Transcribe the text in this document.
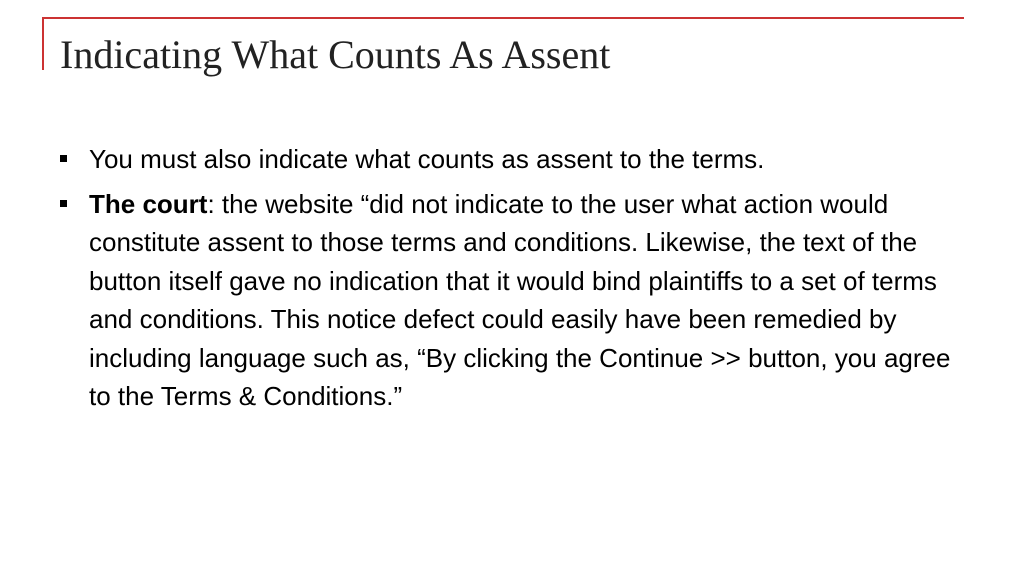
Indicating What Counts As Assent
You must also indicate what counts as assent to the terms.
The court: the website “did not indicate to the user what action would constitute assent to those terms and conditions. Likewise, the text of the button itself gave no indication that it would bind plaintiffs to a set of terms and conditions. This notice defect could easily have been remedied by including language such as, “By clicking the Continue >> button, you agree to the Terms & Conditions.”
